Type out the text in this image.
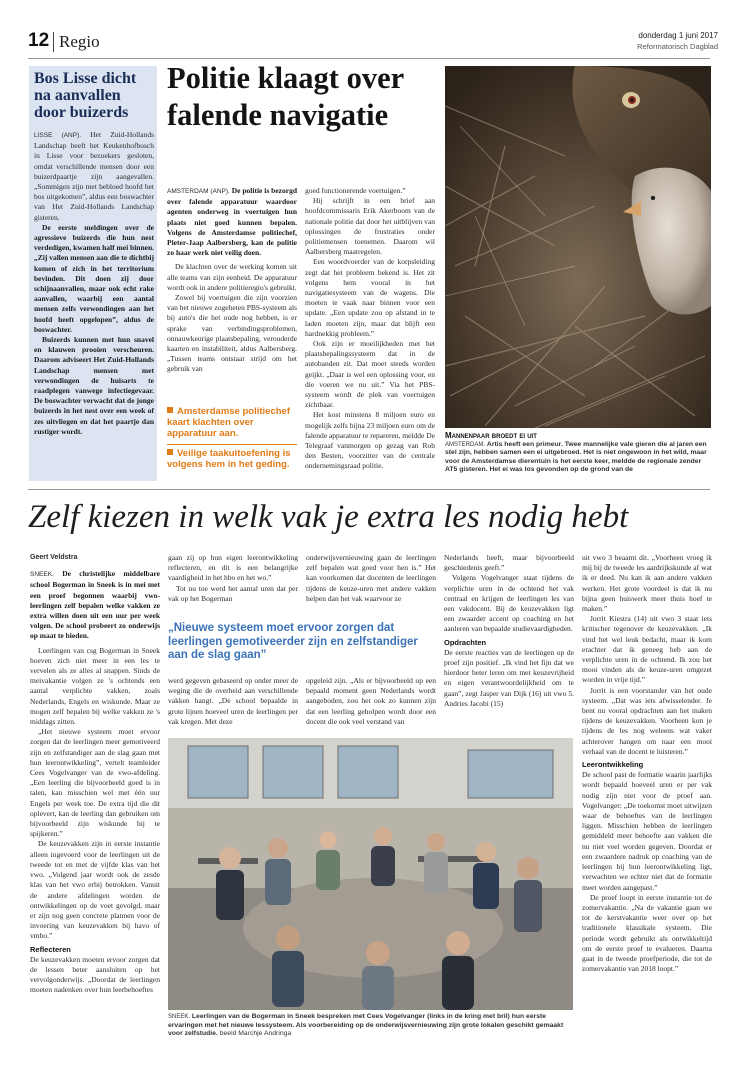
12 Regio	donderdag 1 juni 2017
Reformatorisch Dagblad
Bos Lisse dicht na aanvallen door buizerds

LISSE (ANP). Het Zuid-Hollands Landschap heeft het Keukenhofbosch in Lisse voor bezoekers gesloten, omdat verschillende mensen door een buizerdpaartje zijn aangevallen. „Sommigen zijn met bebloed hoofd het bos uitgekomen”, aldus een boswachter van Het Zuid-Hollands Landschap gisteren.

De eerste meldingen over de agressieve buizerds die hun nest verdedigen, kwamen half mei binnen. „Zij vallen mensen aan die te dichtbij komen of zich in het territorium bevinden. Dit doen zij door schijnaanvallen, maar ook echt rake aanvallen, waarbij een aantal mensen zelfs verwondingen aan het hoofd heeft opgelopen”, aldus de boswachter.

Buizerds kunnen met hun snavel en klauwen prooien verscheuren. Daarom adviseert Het Zuid-Hollands Landschap mensen met verwondingen de huisarts te raadplegen vanwege infectiegevaar. De boswachter verwacht dat de jonge buizerds in het nest over een week of zes uitvliegen en dat het paartje dan rustiger wordt.

Politie klaagt over falende navigatie

AMSTERDAM (ANP). De politie is bezorgd over falende apparatuur waardoor agenten onderweg in voertuigen hun plaats niet goed kunnen bepalen. Volgens de Amsterdamse politiechef, Pieter-Jaap Aalbersberg, kan de politie zo haar werk niet veilig doen.

De klachten over de werking komen uit alle teams van zijn eenheid. De apparatuur wordt ook in andere politieregio's gebruikt.

Zowel bij voertuigen die zijn voorzien van het nieuwe zogeheten PBS-systeem als bij auto's die het oude nog hebben, is er sprake van verbindingsproblemen, onnauwkeurige plaatsbepaling, verouderde kaarten en instabiliteit, aldus Aalbersberg. „Tussen teams ontstaat strijd om het gebruik van

Amsterdamse politiechef kaart klachten over apparatuur aan.
Veilige taakuitoefening is volgens hem in het geding.

goed functionerende voertuigen.”

Hij schrijft in een brief aan hoofdcommissaris Erik Akerboom van de nationale politie dat door het uitblijven van oplossingen de frustraties onder politiemensen toenemen. Daarom wil Aalbersberg maatregelen.

Een woordvoerder van de korpsleiding zegt dat het probleem bekend is. Het zit volgens hem vooral in het navigatiesysteem van de wagens. Die moeten te vaak naar binnen voor een update. „Een update zou op afstand in te laden moeten zijn, maar dat blijft een hardnekkig probleem.”

Ook zijn er moeilijkheden met het plaatsbepalingssysteem dat in de autobanden zit. Dat moet steeds worden geijkt. „Daar is wel een oplossing voor, en die voeren we nu uit.” Via het PBS-systeem wordt de plek van voertuigen zichtbaar.

Het kost minstens 8 miljoen euro en mogelijk zelfs bijna 23 miljoen euro om de falende apparatuur te repareren, meldde De Telegraaf vanmorgen op gezag van Rob den Besten, voorzitter van de centrale ondernemingsraad politie.

Mannenpaar broedt ei uit
AMSTERDAM. Artis heeft een primeur. Twee mannelijke vale gieren die al jaren een stel zijn, hebben samen een ei uitgebroed. Het is niet ongewoon in het wild, maar voor de Amsterdamse dierentuin is het eerste keer, meldde de regionale zender AT5 gisteren. Het ei was los gevonden op de grond van de
Zelf kiezen in welk vak je extra les nodig hebt

Geert Veldstra

SNEEK. De christelijke middelbare school Bogerman in Sneek is in mei met een proef begonnen waarbij vwo-leerlingen zelf bepalen welke vakken ze extra willen doen uit een uur per week volgen. De school probeert zo onderwijs op maat te bieden.

Leerlingen van csg Bogerman in Sneek hoeven zich niet meer in een les te vervelen als ze alles al snappen. Sinds de meivakantie volgen ze 's ochtends een aantal verplichte vakken, zoals Nederlands, Engels en wiskunde. Maar ze mogen zelf bepalen bij welke vakken ze 's middags zitten.

„Het nieuwe systeem moet ervoor zorgen dat de leerlingen meer gemotiveerd zijn en zelfstandiger aan de slag gaan met hun leerontwikkeling”, vertelt teamleider Cees Vogelvanger van de vwo-afdeling. „Een leerling die bijvoorbeeld goed is in talen, kan misschien wel met één uur Engels per week toe. De extra tijd die dit oplevert, kan de leerling dan gebruiken om bijvoorbeeld zijn wiskunde bij te spijkeren.”

De keuzevakken zijn in eerste instantie alleen ingevoerd voor de leerlingen uit de tweede tot en met de vijfde klas van het vwo. „Volgend jaar wordt ook de zesde klas van het vwo erbij betrokken. Vanuit de andere afdelingen worden de ontwikkelingen op de voet gevolgd, maar er zijn nog geen concrete plannen voor de invoering van keuzevakken bij havo of vmbo.”

Reflecteren

De keuzevakken moeten ervoor zorgen dat de lessen beter aansluiten op het vervolgonderwijs. „Doordat de leerlingen moeten nadenken over hun leerbehoeftes

gaan zij op hun eigen leerontwikkeling reflecteren, en dit is een belangrijke vaardigheid in het hbo en het wo.”

Tot nu toe werd het aantal uren dat per vak op het Bogerman

onderwijsvernieuwing gaan de leerlingen zelf bepalen wat goed voor hen is.” Het kan voorkomen dat docenten de leerlingen tijdens de keuze-uren met andere vakken helpen dan het vak waarvoor ze

„Nieuwe systeem moet ervoor zorgen dat leerlingen gemotiveerder zijn en zelfstandiger aan de slag gaan”

werd gegeven gebaseerd op onder meer de weging die de overheid aan verschillende vakken hangt. „De school bepaalde in grote lijnen hoeveel uren de leerlingen per vak kregen. Met deze

opgeleid zijn. „Als er bijvoorbeeld op een bepaald moment geen Nederlands wordt aangeboden, zou het ook zo kunnen zijn dat een leerling geholpen wordt door een docent die ook veel verstand van

Nederlands heeft, maar bijvoorbeeld geschiedenis geeft.”

Volgens Vogelvanger staat tijdens de verplichte uren in de ochtend het vak centraal en krijgen de leerlingen les van een vakdocent. Bij de keuzevakken ligt een zwaarder accent op coaching en het aanleren van bepaalde studievaardigheden.

Opdrachten

De eerste reacties van de leerlingen op de proef zijn positief. „Ik vind het fijn dat we hierdoor beter leren om met keuzevrijheid en eigen verantwoordelijkheid om te gaan”, zegt Jasper van Dijk (16) uit vwo 5. Andries Jacobi (15)

uit vwo 3 beaamt dit. „Voorheen vroeg ik mij bij de tweede les aardrijkskunde af wat ik er deed. Nu kan ik aan andere vakken werken. Het grote voordeel is dat ik nu bijna geen huiswerk meer thuis hoef te maken.”

Jorrit Kiestra (14) uit vwo 3 staat iets kritischer tegenover de keuzevakken. „Ik vind het wel leuk bedacht, maar ik kom erachter dat ik geneeg heb aan de verplichte uren in de ochtend. Ik zou het mooi vinden als de keuze-uren omgezet worden in vrije tijd.”

Jorrit is een voorstander van het oude systeem. „Dat was iets afwisselender. Je bent nu vooral opdrachten aan het maken tijdens de keuzevakken. Voorheen kon je tijdens de les nog weleens wat vaker achterover hangen om naar een mooi verhaal van de docent te luisteren.”

Leerontwikkeling

De school past de formatie waarin jaarlijks wordt bepaald hoeveel uren er per vak nodig zijn niet voor de proef aan. Vogelvanger: „De toekomst moet uitwijzen waar de behoeftes van de leerlingen liggen. Misschien hebben de leerlingen gemiddeld meer behoefte aan vakken die nu niet veel worden gegeven. Doordat er een zwaardere nadruk op coaching van de leerlingen bij hun leerontwikkeling ligt, verwachten we echter niet dat de formatie meet worden aangepast.”

De proef loopt in eerste instantie tot de zomervakantie. „Na de vakantie gaan we tot de kerstvakantie weer over op het traditionele klassikale systeem. Die periode wordt gebruikt als ontwikkeltijd om de eerste proef te evalueren. Daarna gaat in de tweede proefperiode, die tot de zomervakantie van 2018 loopt.”

SNEEK. Leerlingen van de Bogerman in Sneek bespreken met Cees Vogelvanger (links in de kring met bril) hun eerste ervaringen met het nieuwe lessysteem. Als voorbereiding op de onderwijsvernieuwing zijn grote lokalen geschikt gemaakt voor zelfstudie. beeld Marchje Andringa
